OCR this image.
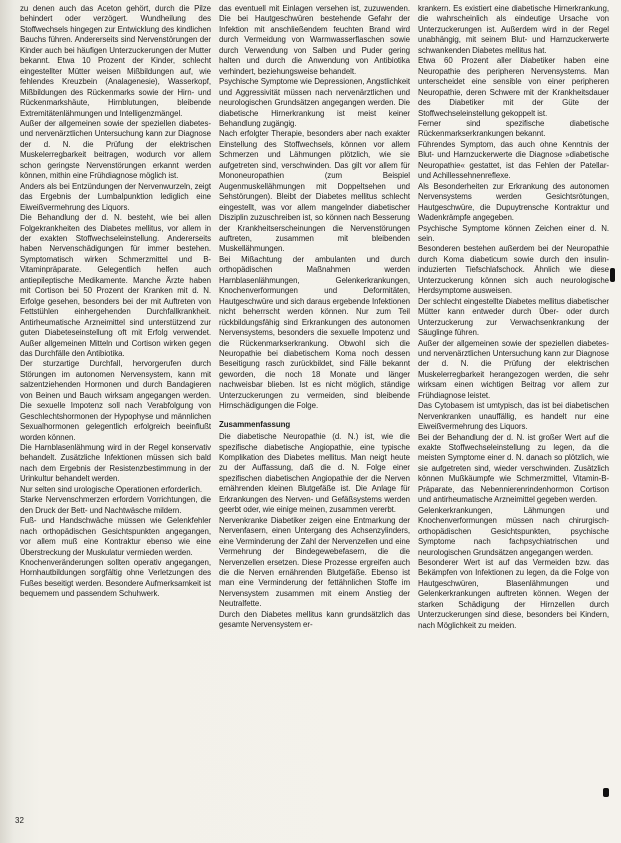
zu denen auch das Aceton gehört, durch die Pilze behindert oder verzögert. Wundheilung des Stoffwechsels hingegen zur Entwicklung des kindlichen Bauchs führen. Andererseits sind Nervenstörungen der Kinder auch bei häufigen Unterzuckerungen der Mutter bekannt. Etwa 10 Prozent der Kinder, schlecht eingestellter Mütter weisen Mißbildungen auf, wie fehlendes Kreuzbein (Analagenesie), Wasserkopf, Mißbildungen des Rückenmarks sowie der Hirn- und Rückenmarkshäute, Hirnblutungen, bleibende Extremitätenlähmungen und Intelligenzmängel.

Außer der allgemeinen sowie der speziellen diabetes- und nervenärztlichen Untersuchung kann zur Diagnose der d. N. die Prüfung der elektrischen Muskelerregbarkeit beitragen, wodurch vor allem schon geringste Nervenstörungen erkannt werden können, mithin eine Frühdiagnose möglich ist.

Anders als bei Entzündungen der Nervenwurzeln, zeigt das Ergebnis der Lumbalpunktion lediglich eine Eiweißvermehrung des Liquors.

Die Behandlung der d. N. besteht, wie bei allen Folgekrankheiten des Diabetes mellitus, vor allem in der exakten Stoffwechseleinstellung. Andererseits haben Nervenschädigungen für immer bestehen. Symptomatisch wirken Schmerzmittel und B-Vitaminpräparate. Gelegentlich helfen auch antiepileptische Medikamente. Manche Ärzte haben mit Cortison bei 50 Prozent der Kranken mit d. N. Erfolge gesehen, besonders bei der mit Auftreten von Fettstühlen einhergehenden Durchfallkrankheit. Antirheumatische Arzneimittel sind unterstützend zur guten Diabeteseinstellung oft mit Erfolg verwendet. Außer allgemeinen Mitteln und Cortison wirken gegen das Durchfälle den Antibiotika.

Der sturzartige Durchfall, hervorgerufen durch Störungen im autonomen Nervensystem, kann mit salzentziehenden Hormonen und durch Bandagieren von Beinen und Bauch wirksam angegangen werden. Die sexuelle Impotenz soll nach Verabfolgung von Geschlechtshormonen der Hypophyse und männlichen Sexualhormonen gelegentlich erfolgreich beeinflußt worden können.

Die Harnblasenlähmung wird in der Regel konservativ behandelt. Zusätzliche Infektionen müssen sich bald nach dem Ergebnis der Resistenzbestimmung in der Urinkultur behandelt werden.

Nur selten sind urologische Operationen erforderlich.

Starke Nervenschmerzen erfordern Vorrichtungen, die den Druck der Bett- und Nachtwäsche mildern.

Fuß- und Handschwäche müssen wie Gelenkfehler nach orthopädischen Gesichtspunkten angegangen, vor allem muß eine Kontraktur ebenso wie eine Überstreckung der Muskulatur vermieden werden.

Knochenveränderungen sollten operativ angegangen, Hornhautbildungen sorgfältig ohne Verletzungen des Fußes beseitigt werden. Besondere Aufmerksamkeit ist bequemem und passendem Schuhwerk.

das eventuell mit Einlagen versehen ist, zuzuwenden. Die bei Hautgeschwüren bestehende Gefahr der Infektion mit anschließendem feuchten Brand wird durch Vermeidung von Warmwasserflaschen sowie durch Verwendung von Salben und Puder gering halten und durch die Anwendung von Antibiotika verhindert, beziehungsweise behandelt.

Psychische Symptome wie Depressionen, Angstlichkeit und Aggressivität müssen nach nervenärztlichen und neurologischen Grundsätzen angegangen werden. Die diabetische Hirnerkrankung ist meist keiner Behandlung zugängig.

Nach erfolgter Therapie, besonders aber nach exakter Einstellung des Stoffwechsels, können vor allem Schmerzen und Lähmungen plötzlich, wie sie aufgetreten sind, verschwinden. Das gilt vor allem für Mononeuropathien (zum Beispiel Augenmuskellähmungen mit Doppeltsehen und Sehstörungen). Bleibt der Diabetes mellitus schlecht eingestellt, was vor allem mangelnder diabetischer Disziplin zuzuschreiben ist, so können nach Besserung der Krankheitserscheinungen die Nervenstörungen auftreten, zusammen mit bleibenden Muskellähmungen.

Bei Mißachtung der ambulanten und durch orthopädischen Maßnahmen werden Harnblasenlähmungen, Gelenkerkrankungen, Knochenverformungen und Deformitäten, Hautgeschwüre und sich daraus ergebende Infektionen nicht beherrscht werden können. Nur zum Teil rückbildungsfähig sind Erkrankungen des autonomen Nervensystems, besonders die sexuelle Impotenz und die Rückenmarkserkrankung. Obwohl sich die Neuropathie bei diabetischem Koma noch dessen Beseitigung rasch zurückbildet, sind Fälle bekannt geworden, die noch 18 Monate und länger nachweisbar blieben. Ist es nicht möglich, ständige Unterzuckerungen zu vermeiden, sind bleibende Hirnschädigungen die Folge.

Zusammenfassung

Die diabetische Neuropathie (d. N.) ist, wie die spezifische diabetische Angiopathie, eine typische Komplikation des Diabetes mellitus. Man neigt heute zu der Auffassung, daß die d. N. Folge einer spezifischen diabetischen Angiopathie der die Nerven ernährenden kleinen Blutgefäße ist. Die Anlage für Erkrankungen des Nerven- und Gefäßsystems werden geerbt oder, wie einige meinen, zusammen vererbt.

Nervenkranke Diabetiker zeigen eine Entmarkung der Nervenfasern, einen Untergang des Achsenzylinders, eine Verminderung der Zahl der Nervenzellen und eine Vermehrung der Bindegewebefasern, die die Nervenzellen ersetzen. Diese Prozesse ergreifen auch die die Nerven ernährenden Blutgefäße. Ebenso ist man eine Verminderung der fettähnlichen Stoffe im Nervensystem zusammen mit einem Anstieg der Neutralfette.

Durch den Diabetes mellitus kann grundsätzlich das gesamte Nervensystem er-

krankern. Es existiert eine diabetische Hirnerkrankung, die wahrscheinlich als eindeutige Ursache von Unterzuckerungen ist. Außerdem wird in der Regel unabhängig, mit seinem Blut- und Harnzuckerwerte schwankenden Diabetes mellitus hat.

Etwa 60 Prozent aller Diabetiker haben eine Neuropathie des peripheren Nervensystems. Man unterscheidet eine sensible von einer peripheren Neuropathie, deren Schwere mit der Krankheitsdauer des Diabetiker mit der Güte der Stoffwechseleinstellung gekoppelt ist.

Ferner sind spezifische diabetische Rückenmarkserkrankungen bekannt.

Führendes Symptom, das auch ohne Kenntnis der Blut- und Harnzuckerwerte die Diagnose »diabetische Neuropathie« gestattet, ist das Fehlen der Patellar- und Achillessehnenreflexe.

Als Besonderheiten zur Erkrankung des autonomen Nervensystems werden Gesichtsrötungen, Hautgeschwüre, die Dupuytrensche Kontraktur und Wadenkrämpfe angegeben.

Psychische Symptome können Zeichen einer d. N. sein.

Besonderen bestehen außerdem bei der Neuropathie durch Koma diabeticum sowie durch den insulin-induzierten Tiefschlafschock. Ähnlich wie diese Unterzuckerung können sich auch neurologische Herdsymptome ausweisen.

Der schlecht eingestellte Diabetes mellitus diabetischer Mütter kann entweder durch Über- oder durch Unterzuckerung zur Verwachsenkrankung der Säuglinge führen.

Außer der allgemeinen sowie der speziellen diabetes- und nervenärztlichen Untersuchung kann zur Diagnose der d. N. die Prüfung der elektrischen Muskelerregbarkeit herangezogen werden, die sehr wirksam einen wichtigen Beitrag vor allem zur Frühdiagnose leistet.

Das Cytobasem ist umtypisch, das ist bei diabetischen Nervenkranken unauffällig, es handelt nur eine Eiweißvermehrung des Liquors.

Bei der Behandlung der d. N. ist großer Wert auf die exakte Stoffwechseleinstellung zu legen, da die meisten Symptome einer d. N. danach so plötzlich, wie sie aufgetreten sind, wieder verschwinden. Zusätzlich können Mußkäumpfe wie Schmerzmittel, Vitamin-B-Präparate, das Nebennierenrindenhormon Cortison und antirheumatische Arzneimittel gegeben werden.

Gelenkerkrankungen, Lähmungen und Knochenverformungen müssen nach chirurgisch-orthopädischen Gesichtspunkten, psychische Symptome nach fachpsychiatrischen und neurologischen Grundsätzen angegangen werden.

Besonderer Wert ist auf das Vermeiden bzw. das Bekämpfen von Infektionen zu legen, da die Folge von Hautgeschwüren, Blasenlähmungen und Gelenkerkrankungen auftreten können. Wegen der starken Schädigung der Hirnzellen durch Unterzuckerungen sind diese, besonders bei Kindern, nach Möglichkeit zu meiden.

32
